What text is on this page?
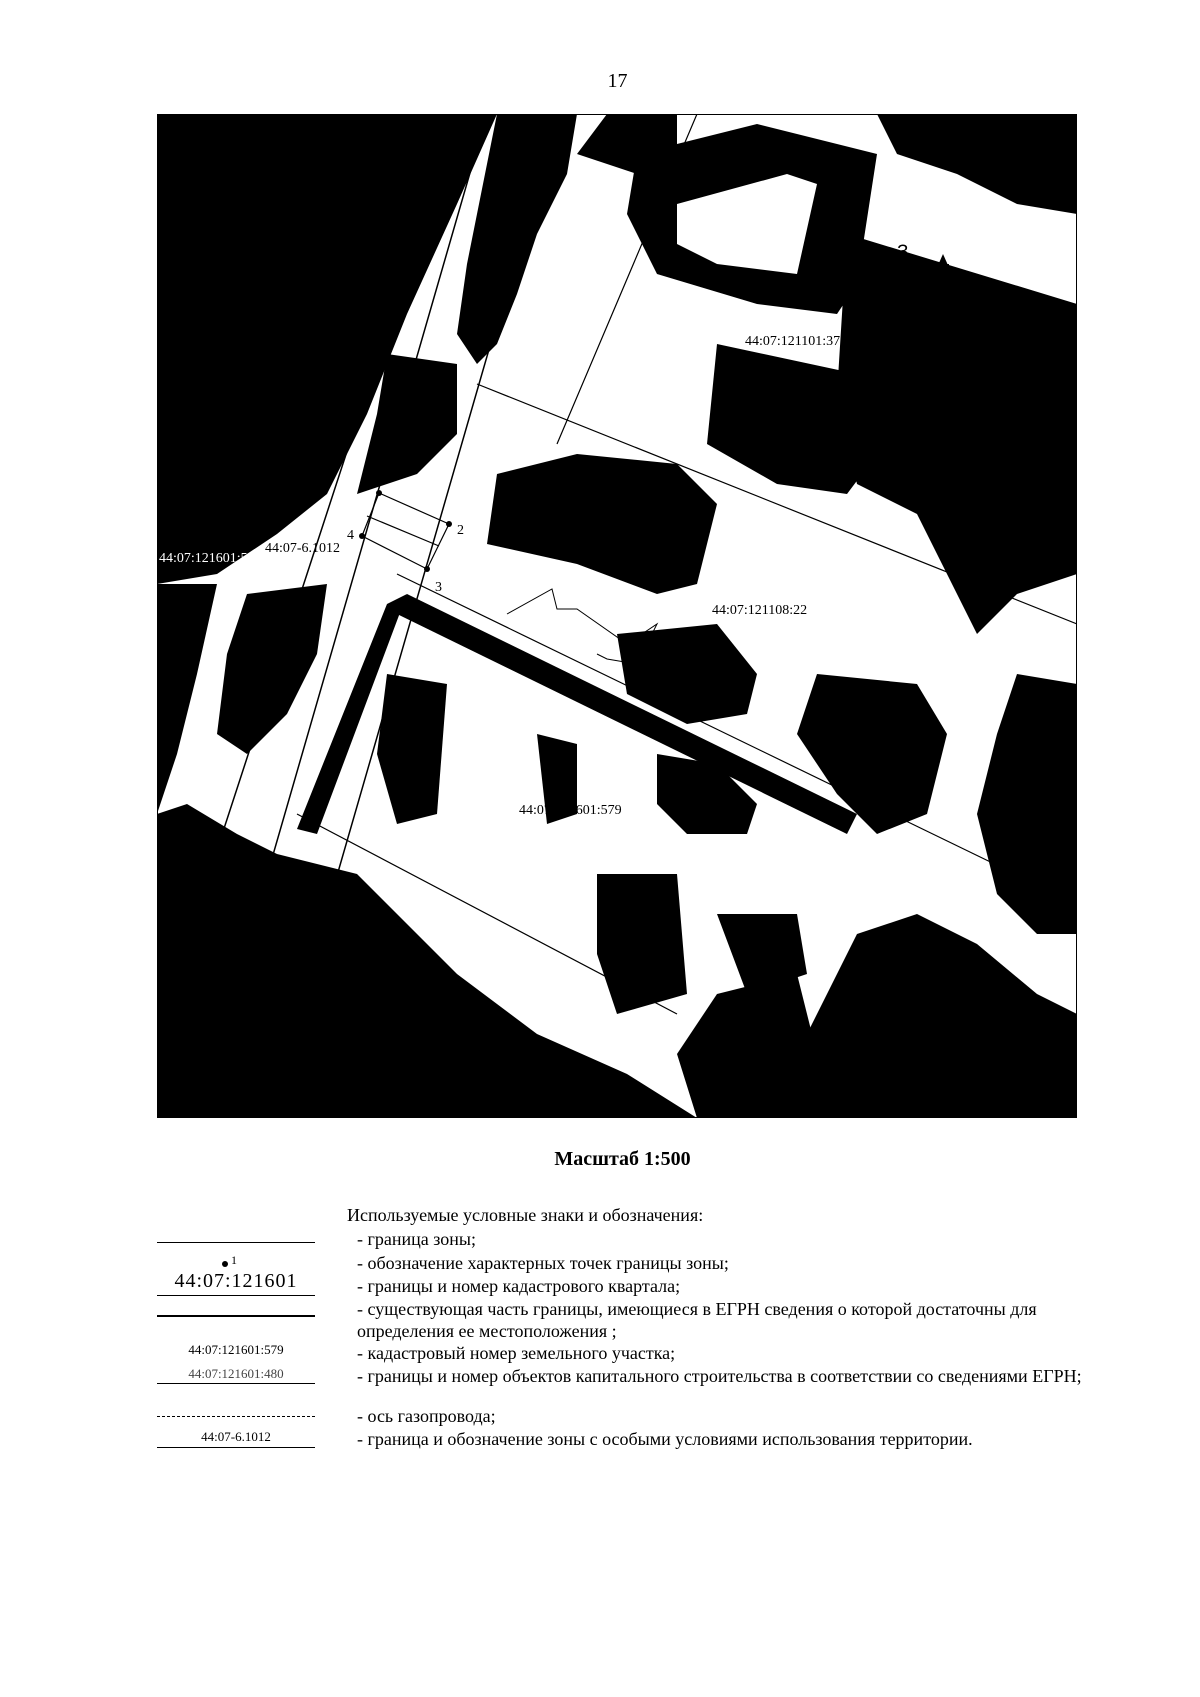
17
1
2
3
4
С
З
ЮГ
44:07:121101:375
44:07:121108:22
44:07:121601:579
44:07-6.1012
44:07:121601:588(1)
Масштаб 1:500
Используемые условные знаки и обозначения:
- граница зоны;
1	- обозначение характерных точек границы зоны;
44:07:121601	- границы и номер кадастрового квартала;
- существующая часть границы, имеющиеся в ЕГРН сведения о которой достаточны для определения ее местоположения ;
44:07:121601:579	- кадастровый номер земельного участка;
44:07:121601:480	- границы и номер объектов капитального строительства в соответствии со сведениями ЕГРН;
- ось газопровода;
44:07-6.1012	- граница и обозначение зоны с особыми условиями использования территории.
